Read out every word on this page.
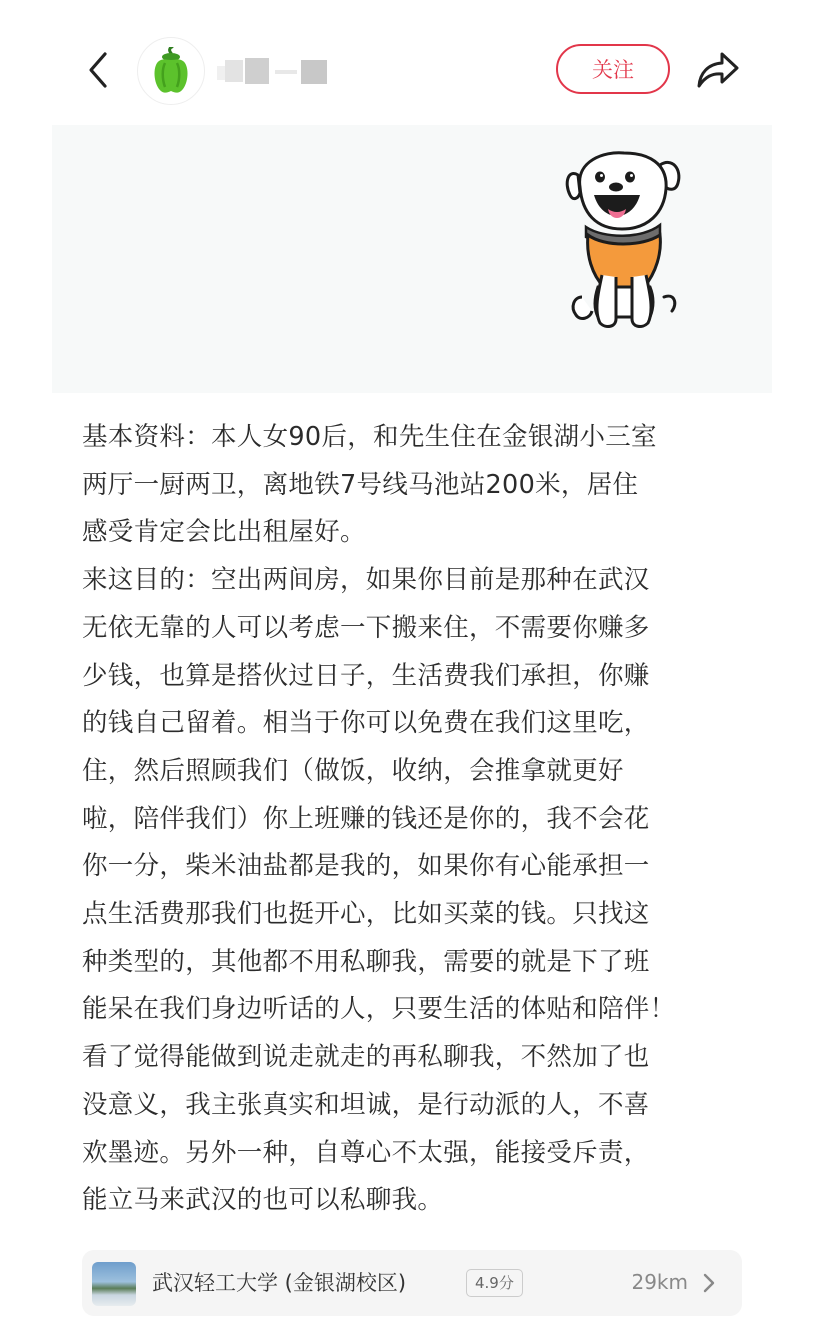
关注

基本资料：本人女90后，和先生住在金银湖小三室

两厅一厨两卫，离地铁7号线马池站200米，居住

感受肯定会比出租屋好。

来这目的：空出两间房，如果你目前是那种在武汉

无依无靠的人可以考虑一下搬来住，不需要你赚多

少钱，也算是搭伙过日子，生活费我们承担，你赚

的钱自己留着。相当于你可以免费在我们这里吃，

住，然后照顾我们（做饭，收纳，会推拿就更好

啦，陪伴我们）你上班赚的钱还是你的，我不会花

你一分，柴米油盐都是我的，如果你有心能承担一

点生活费那我们也挺开心，比如买菜的钱。只找这

种类型的，其他都不用私聊我，需要的就是下了班

能呆在我们身边听话的人，只要生活的体贴和陪伴！

看了觉得能做到说走就走的再私聊我，不然加了也

没意义，我主张真实和坦诚，是行动派的人，不喜

欢墨迹。另外一种，自尊心不太强，能接受斥责，

能立马来武汉的也可以私聊我。

武汉轻工大学 (金银湖校区)	4.9分	29km
